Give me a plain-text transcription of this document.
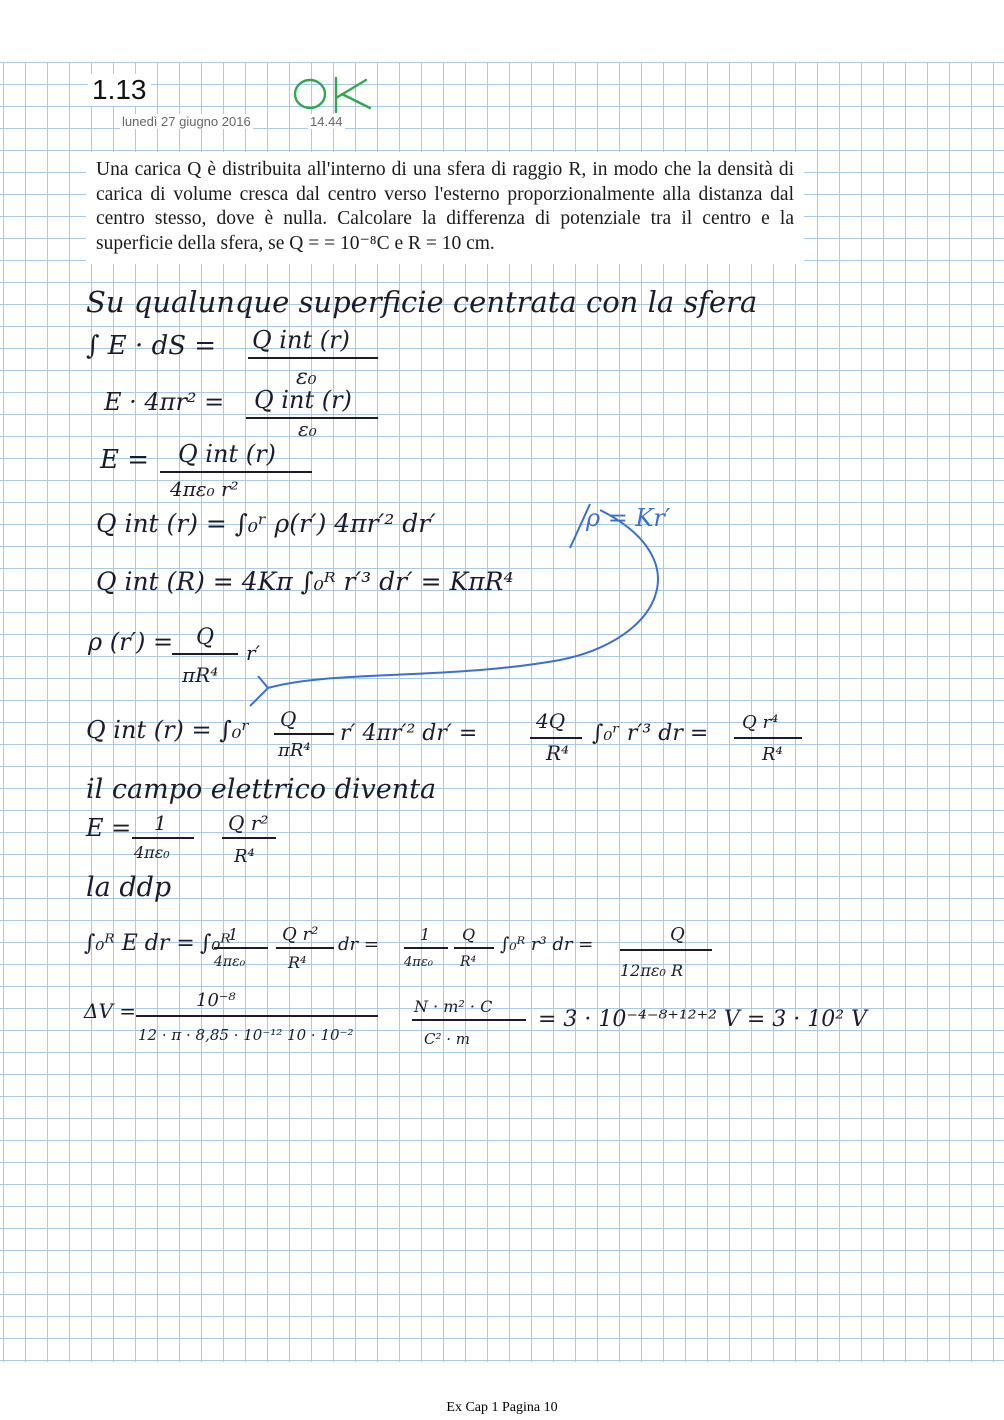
1.13
lunedì 27 giugno 2016	14.44
Una carica Q è distribuita all'interno di una sfera di raggio R, in modo che la densità di carica di volume cresca dal centro verso l'esterno proporzionalmente alla distanza dal centro stesso, dove è nulla. Calcolare la differenza di potenziale tra il centro e la superficie della sfera, se Q = = 10⁻⁸C e R = 10 cm.
ρ = Kr′
Su qualunque superficie centrata con la sfera
∫ E · dS = Q int (r)
ε₀
E · 4πr² = Q int (r)
ε₀
E = Q int (r)
4πε₀ r²
Q int (r) = ∫₀ʳ ρ(r′) 4πr′² dr′
Q int (R) = 4Kπ ∫₀ᴿ r′³ dr′ = KπR⁴
ρ (r′) = Q
πR⁴
r′
Q int (r) = ∫₀ʳ Q
πR⁴
r′ 4πr′² dr′ =	4Q
R⁴
∫₀ʳ r′³ dr = Q r⁴
R⁴
il campo elettrico diventa
E = 1
4πε₀
Q r²
R⁴
la ddp
∫₀ᴿ E dr = ∫₀ᴿ
1
4πε₀
Q r²
R⁴
dr =	1
4πε₀
Q
R⁴
∫₀ᴿ r³ dr =	Q
12πε₀ R
ΔV =	10⁻⁸
12 · π · 8,85 · 10⁻¹² 10 · 10⁻²
N · m² · C
C² · m
= 3 · 10⁻⁴⁻⁸⁺¹²⁺² V = 3 · 10² V
Ex Cap 1 Pagina 10
